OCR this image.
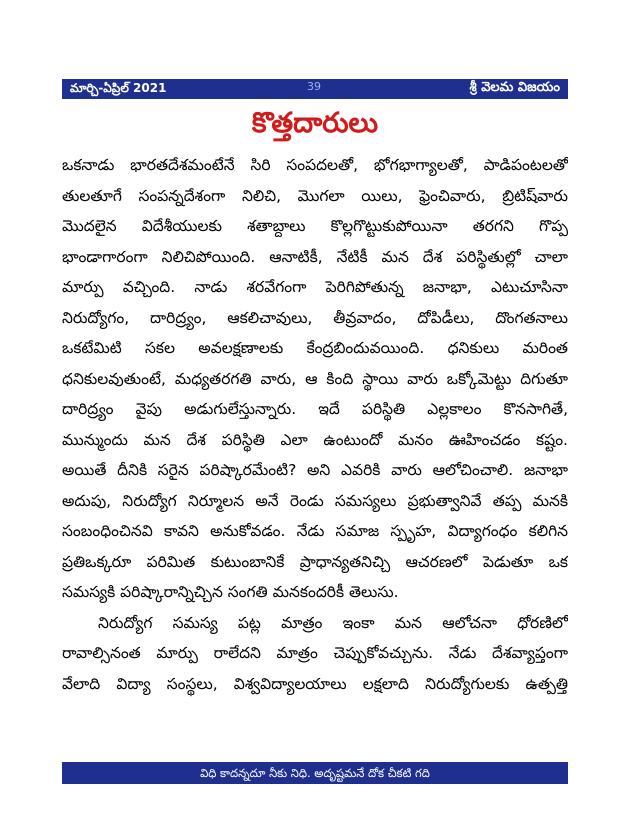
మార్చి-ఏప్రిల్ 2021	39	శ్రీ వెలమ విజయం
కొత్తదారులు
ఒకనాడు భారతదేశమంటేనే సిరి సంపదలతో, భోగభాగ్యాలతో, పాడిపంటలతో
తులతూగే సంపన్నదేశంగా నిలిచి, మొగలా యిలు, ఫ్రెంచివారు, బ్రిటిష్‌వారు
మొదలైన విదేశీయులకు శతాబ్దాలు కొల్లగొట్టుకుపోయినా తరగని గొప్ప
భాండాగారంగా నిలిచిపోయింది. ఆనాటికీ, నేటికీ మన దేశ పరిస్థితుల్లో చాలా
మార్పు వచ్చింది. నాడు శరవేగంగా పెరిగిపోతున్న జనాభా, ఎటుచూసినా
నిరుద్యోగం, దారిద్ర్యం, ఆకలిచావులు, తీవ్రవాదం, దోపిడీలు, దొంగతనాలు
ఒకటేమిటి సకల అవలక్షణాలకు కేంద్రబిందువయింది. ధనికులు మరింత
ధనికులవుతుంటే, మధ్యతరగతి వారు, ఆ కింది స్థాయి వారు ఒక్కోమెట్టు దిగుతూ
దారిద్ర్యం వైపు అడుగులేస్తున్నారు. ఇదే పరిస్థితి ఎల్లకాలం కొనసాగితే,
మున్ముందు మన దేశ పరిస్థితి ఎలా ఉంటుందో మనం ఊహించడం కష్టం.
అయితే దీనికి సరైన పరిష్కారమేంటి? అని ఎవరికి వారు ఆలోచించాలి. జనాభా
అదుపు, నిరుద్యోగ నిర్మూలన అనే రెండు సమస్యలు ప్రభుత్వానివే తప్ప మనకి
సంబంధించినవి కావని అనుకోవడం. నేడు సమాజ స్పృహ, విద్యాగంధం కలిగిన
ప్రతిఒక్కరూ పరిమిత కుటుంబానికే ప్రాధాన్యతనిచ్చి ఆచరణలో పెడుతూ ఒక
సమస్యకి పరిష్కారాన్నిచ్చిన సంగతి మనకందరికీ తెలుసు.
నిరుద్యోగ సమస్య పట్ల మాత్రం ఇంకా మన ఆలోచనా ధోరణిలో
రావాల్సినంత మార్పు రాలేదని మాత్రం చెప్పుకోవచ్చును. నేడు దేశవ్యాప్తంగా
వేలాది విద్యా సంస్థలు, విశ్వవిద్యాలయాలు లక్షలాది నిరుద్యోగులకు ఉత్పత్తి
విధి కాదన్నదూ నీకు నిధి. అదృష్టమనే దోక చీకటి గది
